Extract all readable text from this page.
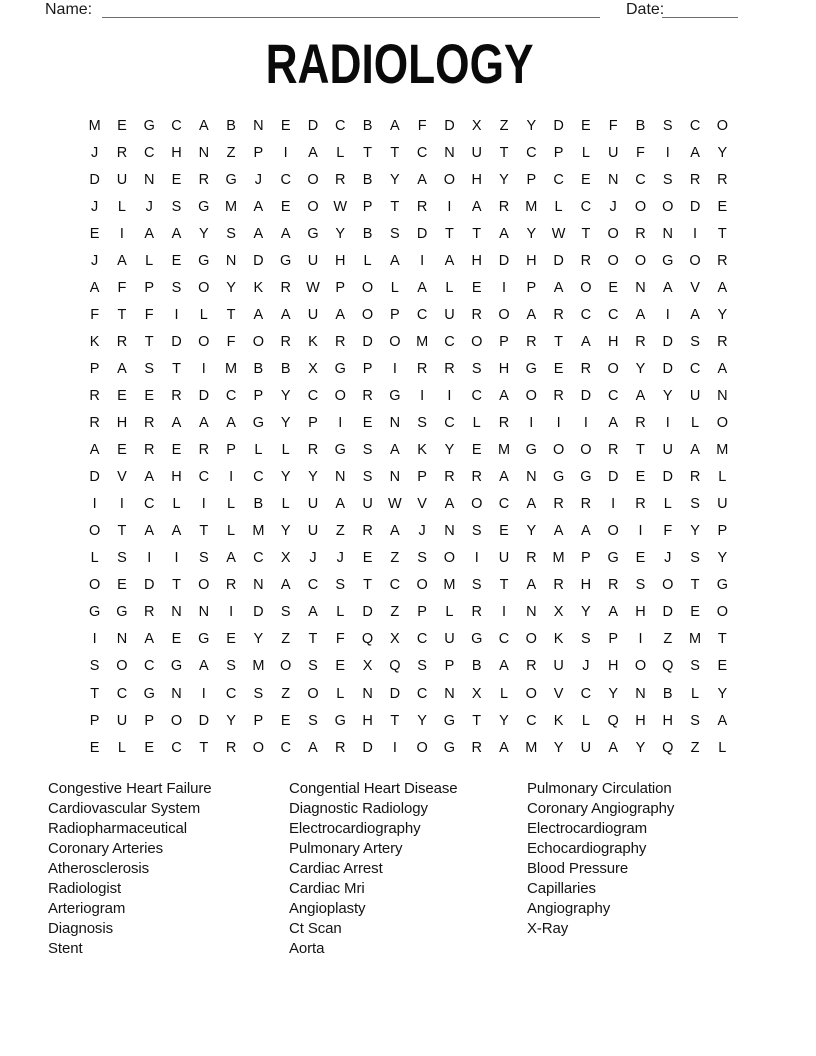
Name:	Date:
RADIOLOGY
M	E	G	C	A	B	N	E	D	C	B	A	F	D	X	Z	Y	D	E	F	B	S	C	O
J	R	C	H	N	Z	P	I	A	L	T	T	C	N	U	T	C	P	L	U	F	I	A	Y
D	U	N	E	R	G	J	C	O	R	B	Y	A	O	H	Y	P	C	E	N	C	S	R	R
J	L	J	S	G	M	A	E	O	W	P	T	R	I	A	R	M	L	C	J	O	O	D	E
E	I	A	A	Y	S	A	A	G	Y	B	S	D	T	T	A	Y	W	T	O	R	N	I	T
J	A	L	E	G	N	D	G	U	H	L	A	I	A	H	D	H	D	R	O	O	G	O	R
A	F	P	S	O	Y	K	R	W	P	O	L	A	L	E	I	P	A	O	E	N	A	V	A
F	T	F	I	L	T	A	A	U	A	O	P	C	U	R	O	A	R	C	C	A	I	A	Y
K	R	T	D	O	F	O	R	K	R	D	O	M	C	O	P	R	T	A	H	R	D	S	R
P	A	S	T	I	M	B	B	X	G	P	I	R	R	S	H	G	E	R	O	Y	D	C	A
R	E	E	R	D	C	P	Y	C	O	R	G	I	I	C	A	O	R	D	C	A	Y	U	N
R	H	R	A	A	A	G	Y	P	I	E	N	S	C	L	R	I	I	I	A	R	I	L	O
A	E	R	E	R	P	L	L	R	G	S	A	K	Y	E	M	G	O	O	R	T	U	A	M
D	V	A	H	C	I	C	Y	Y	N	S	N	P	R	R	A	N	G	G	D	E	D	R	L
I	I	C	L	I	L	B	L	U	A	U	W	V	A	O	C	A	R	R	I	R	L	S	U
O	T	A	A	T	L	M	Y	U	Z	R	A	J	N	S	E	Y	A	A	O	I	F	Y	P
L	S	I	I	S	A	C	X	J	J	E	Z	S	O	I	U	R	M	P	G	E	J	S	Y
O	E	D	T	O	R	N	A	C	S	T	C	O	M	S	T	A	R	H	R	S	O	T	G
G	G	R	N	N	I	D	S	A	L	D	Z	P	L	R	I	N	X	Y	A	H	D	E	O
I	N	A	E	G	E	Y	Z	T	F	Q	X	C	U	G	C	O	K	S	P	I	Z	M	T
S	O	C	G	A	S	M	O	S	E	X	Q	S	P	B	A	R	U	J	H	O	Q	S	E
T	C	G	N	I	C	S	Z	O	L	N	D	C	N	X	L	O	V	C	Y	N	B	L	Y
P	U	P	O	D	Y	P	E	S	G	H	T	Y	G	T	Y	C	K	L	Q	H	H	S	A
E	L	E	C	T	R	O	C	A	R	D	I	O	G	R	A	M	Y	U	A	Y	Q	Z	L
Congestive Heart Failure
Cardiovascular System
Radiopharmaceutical
Coronary Arteries
Atherosclerosis
Radiologist
Arteriogram
Diagnosis
Stent
Congential Heart Disease
Diagnostic Radiology
Electrocardiography
Pulmonary Artery
Cardiac Arrest
Cardiac Mri
Angioplasty
Ct Scan
Aorta
Pulmonary Circulation
Coronary Angiography
Electrocardiogram
Echocardiography
Blood Pressure
Capillaries
Angiography
X-Ray
